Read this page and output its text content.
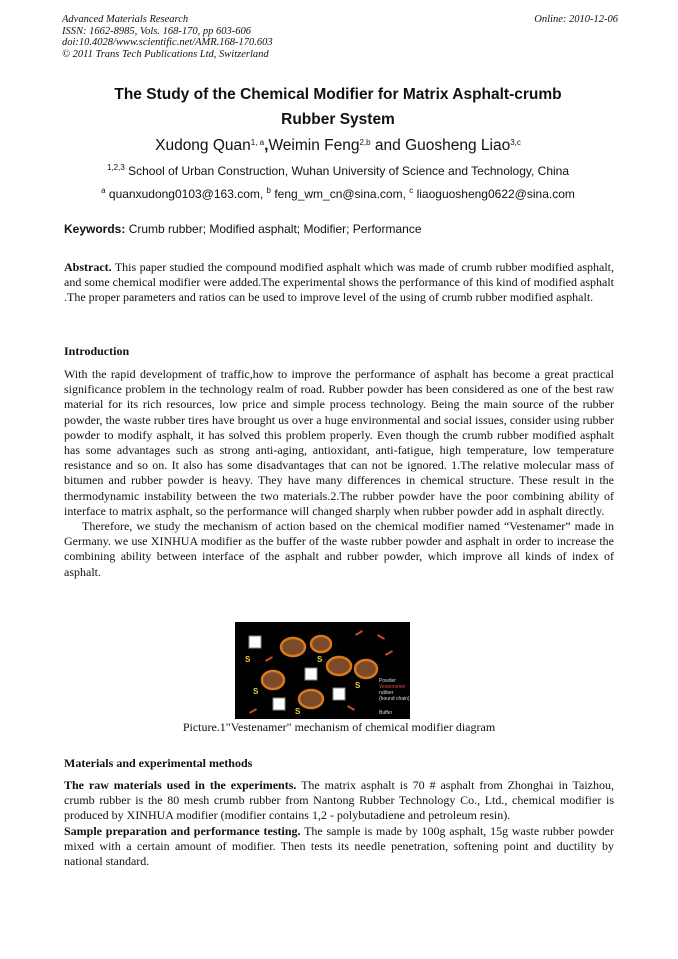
Advanced Materials Research
ISSN: 1662-8985, Vols. 168-170, pp 603-606
doi:10.4028/www.scientific.net/AMR.168-170.603
© 2011 Trans Tech Publications Ltd, Switzerland
Online: 2010-12-06
The Study of the Chemical Modifier for Matrix Asphalt-crumb
Rubber System
Xudong Quan$^{1, a}$,Weimin Feng$^{2,b}$ and Guosheng Liao$^{3,c}$
$^{1,2,3}$ School of Urban Construction, Wuhan University of Science and Technology, China
$^a$ quanxudong0103@163.com, $^b$ feng_wm_cn@sina.com, $^c$ liaoguosheng0622@sina.com
Keywords: Crumb rubber; Modified asphalt; Modifier; Performance

Abstract. This paper studied the compound modified asphalt which was made of crumb rubber modified asphalt, and some chemical modifier were added.The experimental shows the performance of this kind of modified asphalt .The proper parameters and ratios can be used to improve level of the using of crumb rubber modified asphalt.

Introduction

With the rapid development of traffic,how to improve the performance of asphalt has become a great practical significance problem in the technology realm of road. Rubber powder has been considered as one of the best raw material for its rich resources, low price and simple process technology. Being the main source of the rubber powder, the waste rubber tires have brought us over a huge environmental and social issues, consider using rubber powder to modify asphalt, it has solved this problem properly. Even though the crumb rubber modified asphalt has some advantages such as strong anti-aging, antioxidant, anti-fatigue, high temperature, low temperature resistance and so on. It also has some disadvantages that can not be ignored. 1.The relative molecular mass of bitumen and rubber powder is heavy. They have many differences in chemical structure. These result in the thermodynamic instability between the two materials.2.The rubber powder have the poor combining ability of interface to matrix asphalt, so the performance will changed sharply when rubber powder add in asphalt directly.

Therefore, we study the mechanism of action based on the chemical modifier named “Vestenamer” made in Germany. we use XINHUA modifier as the buffer of the waste rubber powder and asphalt in order to increase the combining ability between interface of the asphalt and rubber powder, which improve all kinds of index of asphalt.

S
S
S
S
S
Powder
Vestenamer
rubber
(bound chain)
Buffer
Picture.1"Vestenamer" mechanism of chemical modifier diagram
Materials and experimental methods

The raw materials used in the experiments. The matrix asphalt is 70 # asphalt from Zhonghai in Taizhou, crumb rubber is the 80 mesh crumb rubber from Nantong Rubber Technology Co., Ltd., chemical modifier is produced by XINHUA modifier (modifier contains 1,2 - polybutadiene and petroleum resin).

Sample preparation and performance testing. The sample is made by 100g asphalt, 15g waste rubber powder mixed with a certain amount of modifier. Then tests its needle penetration, softening point and ductility by national standard.
